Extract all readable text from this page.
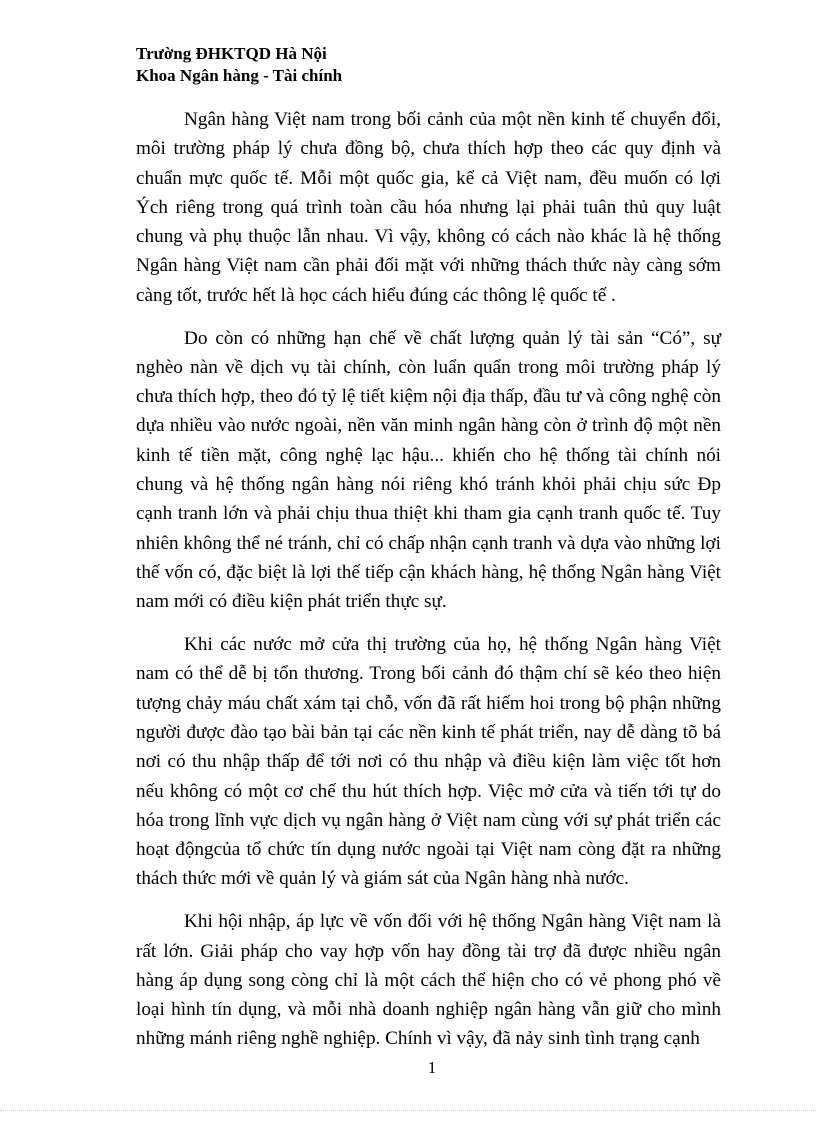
Trường ĐHKTQD Hà Nội
Khoa Ngân hàng - Tài chính

Ngân hàng Việt nam trong bối cảnh của một nền kinh tế chuyển đổi, môi trường pháp lý chưa đồng bộ, chưa thích hợp theo các quy định và chuẩn mực quốc tế. Mỗi một quốc gia, kể cả Việt nam, đều muốn có lợi Ých riêng trong quá trình toàn cầu hóa nhưng lại phải tuân thủ quy luật chung và phụ thuộc lẫn nhau. Vì vậy, không có cách nào khác là hệ thống Ngân hàng Việt nam cần phải đối mặt với những thách thức này càng sớm càng tốt, trước hết là học cách hiểu đúng các thông lệ quốc tế .

Do còn có những hạn chế về chất lượng quản lý tài sản “Có”, sự nghèo nàn về dịch vụ tài chính, còn luẩn quẩn trong môi trường pháp lý chưa thích hợp, theo đó tỷ lệ tiết kiệm nội địa thấp, đầu tư và công nghệ còn dựa nhiều vào nước ngoài, nền văn minh ngân hàng còn ở trình độ một nền kinh tế tiền mặt, công nghệ lạc hậu... khiến cho hệ thống tài chính nói chung và hệ thống ngân hàng nói riêng khó tránh khỏi phải chịu sức Ðp cạnh tranh lớn và phải chịu thua thiệt khi tham gia cạnh tranh quốc tế. Tuy nhiên không thể né tránh, chỉ có chấp nhận cạnh tranh và dựa vào những lợi thế vốn có, đặc biệt là lợi thế tiếp cận khách hàng, hệ thống Ngân hàng Việt nam mới có điều kiện phát triển thực sự.

Khi các nước mở cửa thị trường của họ, hệ thống Ngân hàng Việt nam có thể dễ bị tổn thương. Trong bối cảnh đó thậm chí sẽ kéo theo hiện tượng chảy máu chất xám tại chỗ, vốn đã rất hiếm hoi trong bộ phận những người được đào tạo bài bản tại các nền kinh tế phát triển, nay dễ dàng tõ bá nơi có thu nhập thấp để tới nơi có thu nhập và điều kiện làm việc tốt hơn nếu không có một cơ chế thu hút thích hợp. Việc mở cửa và tiến tới tự do hóa trong lĩnh vực dịch vụ ngân hàng ở Việt nam cùng với sự phát triển các hoạt độngcủa tổ chức tín dụng nước ngoài tại Việt nam còng đặt ra những thách thức mới về quản lý và giám sát của Ngân hàng nhà nước.

Khi hội nhập, áp lực về vốn đối với hệ thống Ngân hàng Việt nam là rất lớn. Giải pháp cho vay hợp vốn hay đồng tài trợ đã được nhiều ngân hàng áp dụng song còng chỉ là một cách thể hiện cho có vẻ phong phó về loại hình tín dụng, và mỗi nhà doanh nghiệp ngân hàng vẫn giữ cho mình những mánh riêng nghề nghiệp. Chính vì vậy, đã nảy sinh tình trạng cạnh

1
